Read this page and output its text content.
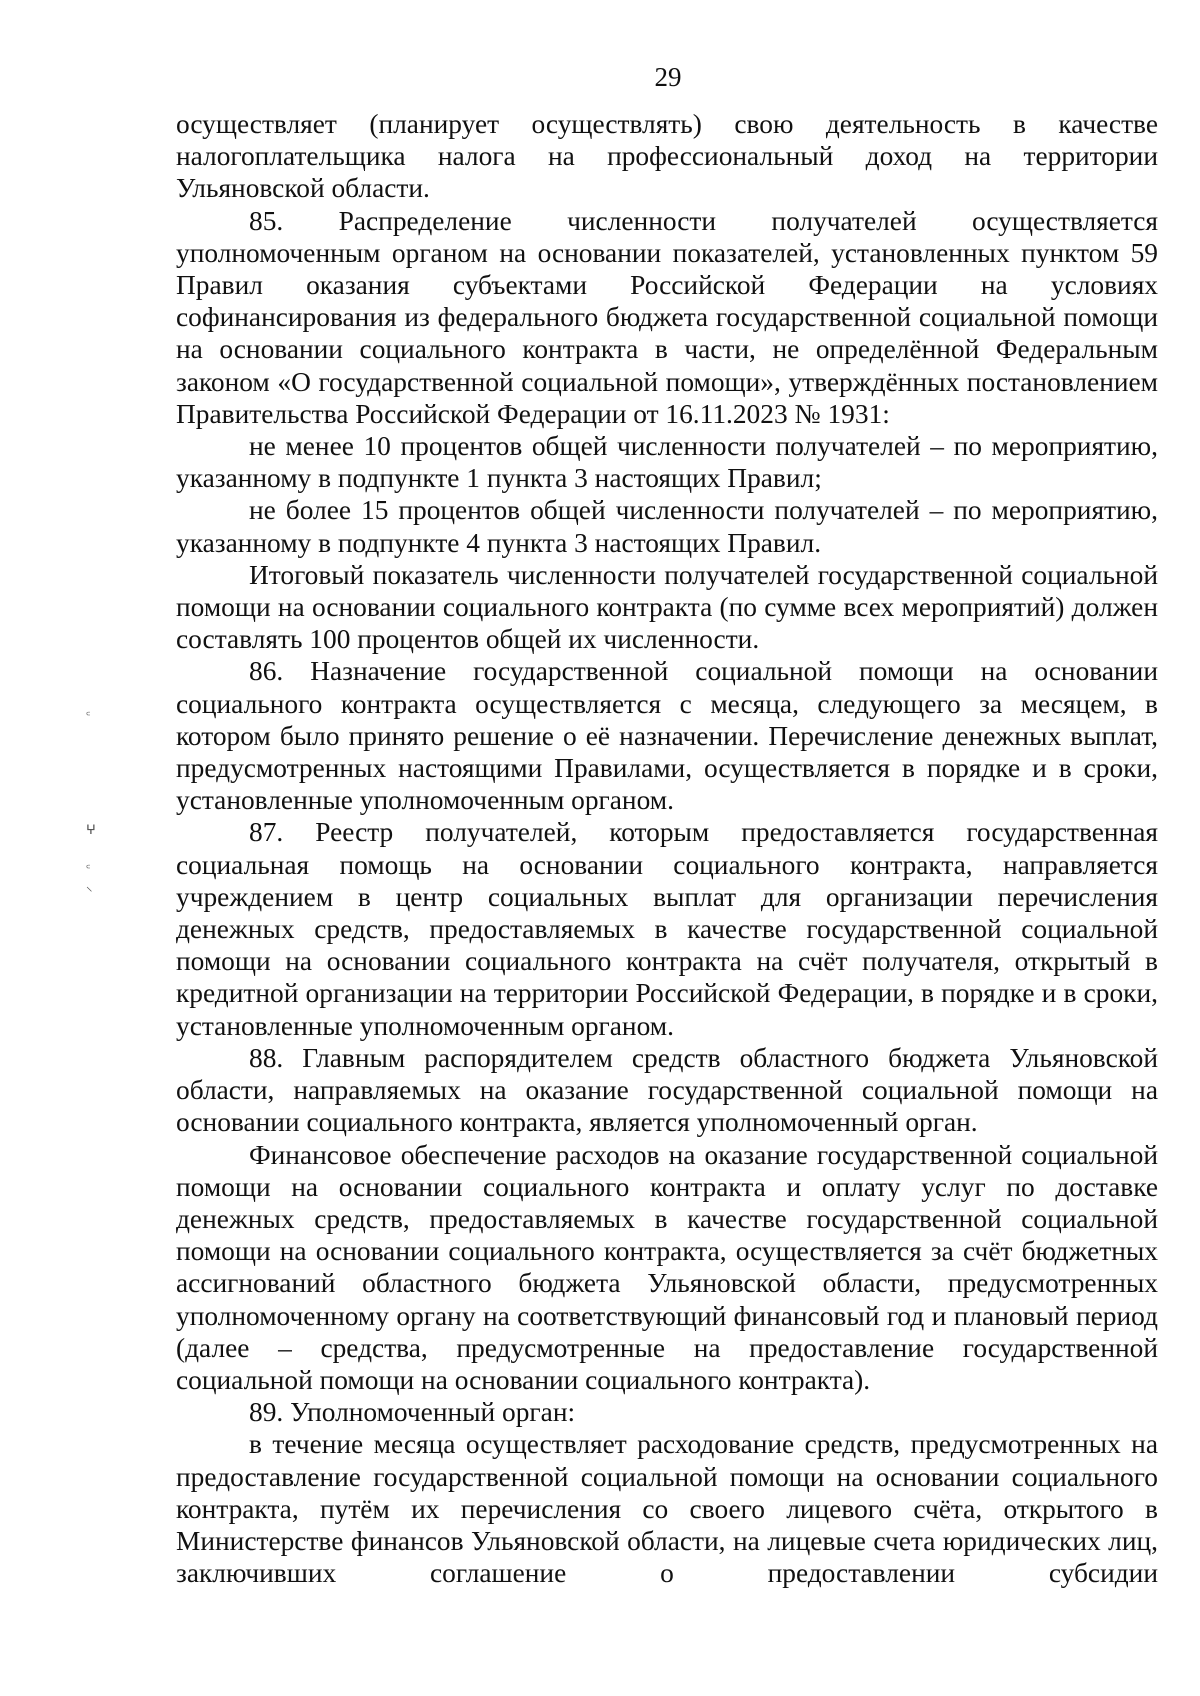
29

осуществляет (планирует осуществлять) свою деятельность в качестве налогоплательщика налога на профессиональный доход на территории Ульяновской области.

85. Распределение численности получателей осуществляется уполномоченным органом на основании показателей, установленных пунктом 59 Правил оказания субъектами Российской Федерации на условиях софинансирования из федерального бюджета государственной социальной помощи на основании социального контракта в части, не определённой Федеральным законом «О государственной социальной помощи», утверждённых постановлением Правительства Российской Федерации от 16.11.2023 № 1931:

не менее 10 процентов общей численности получателей – по мероприятию, указанному в подпункте 1 пункта 3 настоящих Правил;

не более 15 процентов общей численности получателей – по мероприятию, указанному в подпункте 4 пункта 3 настоящих Правил.

Итоговый показатель численности получателей государственной социальной помощи на основании социального контракта (по сумме всех мероприятий) должен составлять 100 процентов общей их численности.

86. Назначение государственной социальной помощи на основании социального контракта осуществляется с месяца, следующего за месяцем, в котором было принято решение о её назначении. Перечисление денежных выплат, предусмотренных настоящими Правилами, осуществляется в порядке и в сроки, установленные уполномоченным органом.

87. Реестр получателей, которым предоставляется государственная социальная помощь на основании социального контракта, направляется учреждением в центр социальных выплат для организации перечисления денежных средств, предоставляемых в качестве государственной социальной помощи на основании социального контракта на счёт получателя, открытый в кредитной организации на территории Российской Федерации, в порядке и в сроки, установленные уполномоченным органом.

88. Главным распорядителем средств областного бюджета Ульяновской области, направляемых на оказание государственной социальной помощи на основании социального контракта, является уполномоченный орган.

Финансовое обеспечение расходов на оказание государственной социальной помощи на основании социального контракта и оплату услуг по доставке денежных средств, предоставляемых в качестве государственной социальной помощи на основании социального контракта, осуществляется за счёт бюджетных ассигнований областного бюджета Ульяновской области, предусмотренных уполномоченному органу на соответствующий финансовый год и плановый период (далее – средства, предусмотренные на предоставление государственной социальной помощи на основании социального контракта).

89. Уполномоченный орган:

в течение месяца осуществляет расходование средств, предусмотренных на предоставление государственной социальной помощи на основании социального контракта, путём их перечисления со своего лицевого счёта, открытого в Министерстве финансов Ульяновской области, на лицевые счета юридических лиц, заключивших соглашение о предоставлении субсидии

꜀
ⵖ
꜀
⸌
